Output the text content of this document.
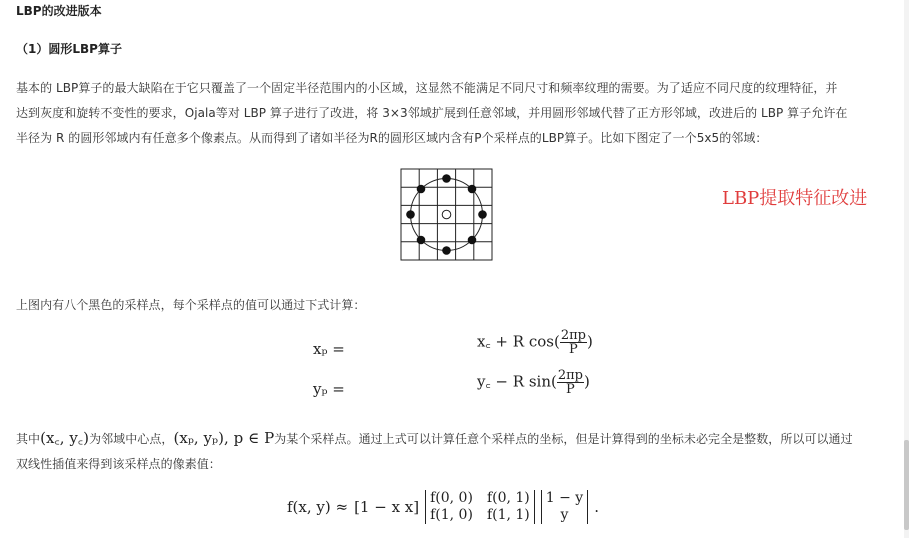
LBP的改进版本
（1）圆形LBP算子
基本的 LBP算子的最大缺陷在于它只覆盖了一个固定半径范围内的小区域，这显然不能满足不同尺寸和频率纹理的需要。为了适应不同尺度的纹理特征，并
达到灰度和旋转不变性的要求，Ojala等对 LBP 算子进行了改进，将 3×3邻域扩展到任意邻域，并用圆形邻域代替了正方形邻域，改进后的 LBP 算子允许在
半径为 R 的圆形邻域内有任意多个像素点。从而得到了诸如半径为R的圆形区域内含有P个采样点的LBP算子。比如下图定了一个5x5的邻域：
LBP提取特征改进
上图内有八个黑色的采样点，每个采样点的值可以通过下式计算：
xₚ =	x꜀ + R $\cos( \frac{2\pi p}{P}$ )
yₚ =	y꜀ − R $\sin( \frac{2\pi p}{P}$ )
其中(x꜀, y꜀)为邻域中心点，(xₚ, yₚ), p ∈ P为某个采样点。通过上式可以计算任意个采样点的坐标，但是计算得到的坐标未必完全是整数，所以可以通过
双线性插值来得到该采样点的像素值：
f(x, y) ≈ [1 − x x] f(0, 0) f(0, 1)
f(1, 0) f(1, 1)
1 − y
y	.
